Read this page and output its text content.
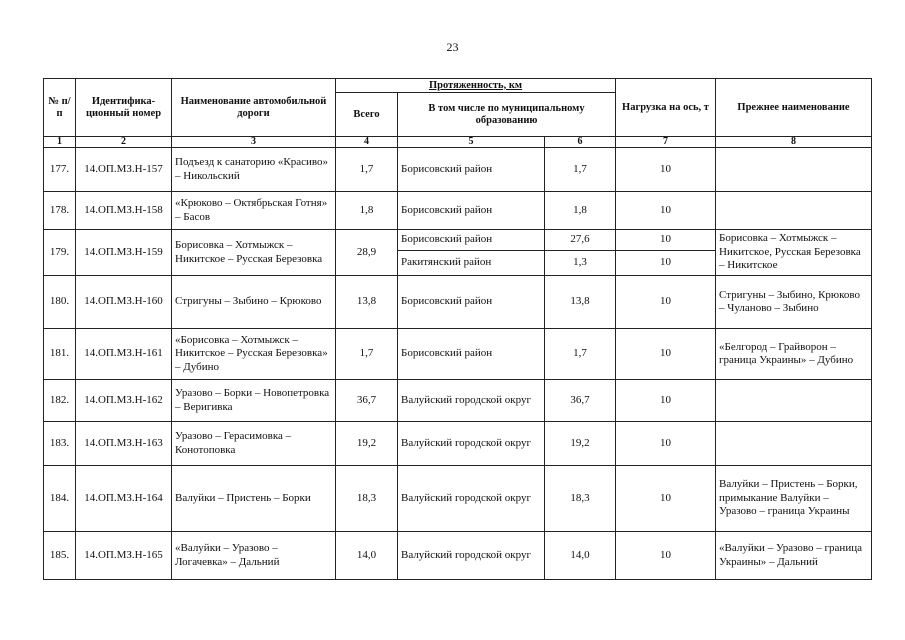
23
№ п/п	Идентифика-ционный номер	Наименование автомобильной дороги	Протяженность, км			Нагрузка на ось, т	Прежнее наименование
			Всего	В том числе по муниципальному образованию			
1	2	3	4	5	6	7	8
177.	14.ОП.МЗ.Н-157	Подъезд к санаторию «Красиво» – Никольский	1,7	Борисовский район	1,7	10	
178.	14.ОП.МЗ.Н-158	«Крюково – Октябрьская Готня» – Басов	1,8	Борисовский район	1,8	10	
179.	14.ОП.МЗ.Н-159	Борисовка – Хотмыжск – Никитское – Русская Березовка	28,9	Борисовский район	27,6	10	Борисовка – Хотмыжск – Никитское, Русская Березовка – Никитское
				Ракитянский район	1,3	10	
180.	14.ОП.МЗ.Н-160	Стригуны – Зыбино – Крюково	13,8	Борисовский район	13,8	10	Стригуны – Зыбино, Крюково – Чуланово – Зыбино
181.	14.ОП.МЗ.Н-161	«Борисовка – Хотмыжск – Никитское – Русская Березовка» – Дубино	1,7	Борисовский район	1,7	10	«Белгород – Грайворон – граница Украины» – Дубино
182.	14.ОП.МЗ.Н-162	Уразово – Борки – Новопетровка – Веригивка	36,7	Валуйский городской округ	36,7	10	
183.	14.ОП.МЗ.Н-163	Уразово – Герасимовка – Конотоповка	19,2	Валуйский городской округ	19,2	10	
184.	14.ОП.МЗ.Н-164	Валуйки – Пристень – Борки	18,3	Валуйский городской округ	18,3	10	Валуйки – Пристень – Борки, примыкание Валуйки – Уразово – граница Украины
185.	14.ОП.МЗ.Н-165	«Валуйки – Уразово – Логачевка» – Дальний	14,0	Валуйский городской округ	14,0	10	«Валуйки – Уразово – граница Украины» – Дальний
